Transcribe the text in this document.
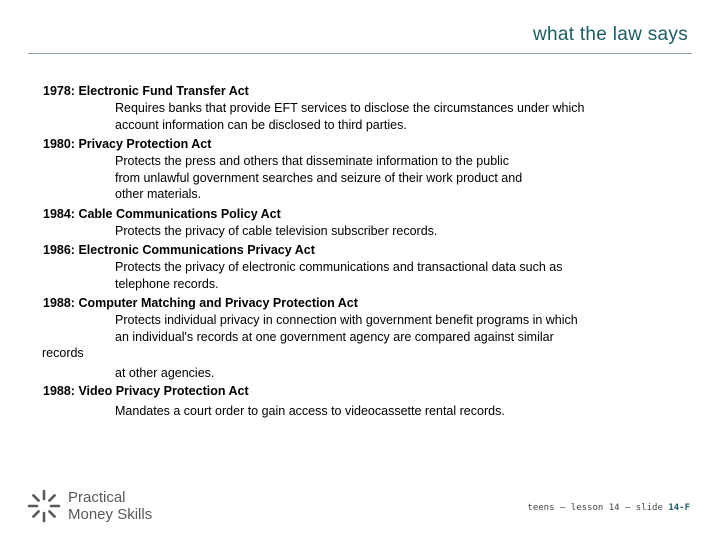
what the law says
1978: Electronic Fund Transfer Act
Requires banks that provide EFT services to disclose the circumstances under which
account information can be disclosed to third parties.
1980: Privacy Protection Act
Protects the press and others that disseminate information to the public
from unlawful government searches and seizure of their work product and
other materials.
1984: Cable Communications Policy Act
Protects the privacy of cable television subscriber records.
1986: Electronic Communications Privacy Act
Protects the privacy of electronic communications and transactional data such as
telephone records.
1988: Computer Matching and Privacy Protection Act
Protects individual privacy in connection with government benefit programs in which
an individual's records at one government agency are compared against similar
records
at other agencies.
1988: Video Privacy Protection Act
Mandates a court order to gain access to videocassette rental records.
Practical
Money Skills	teens – lesson 14 – slide 14-F
